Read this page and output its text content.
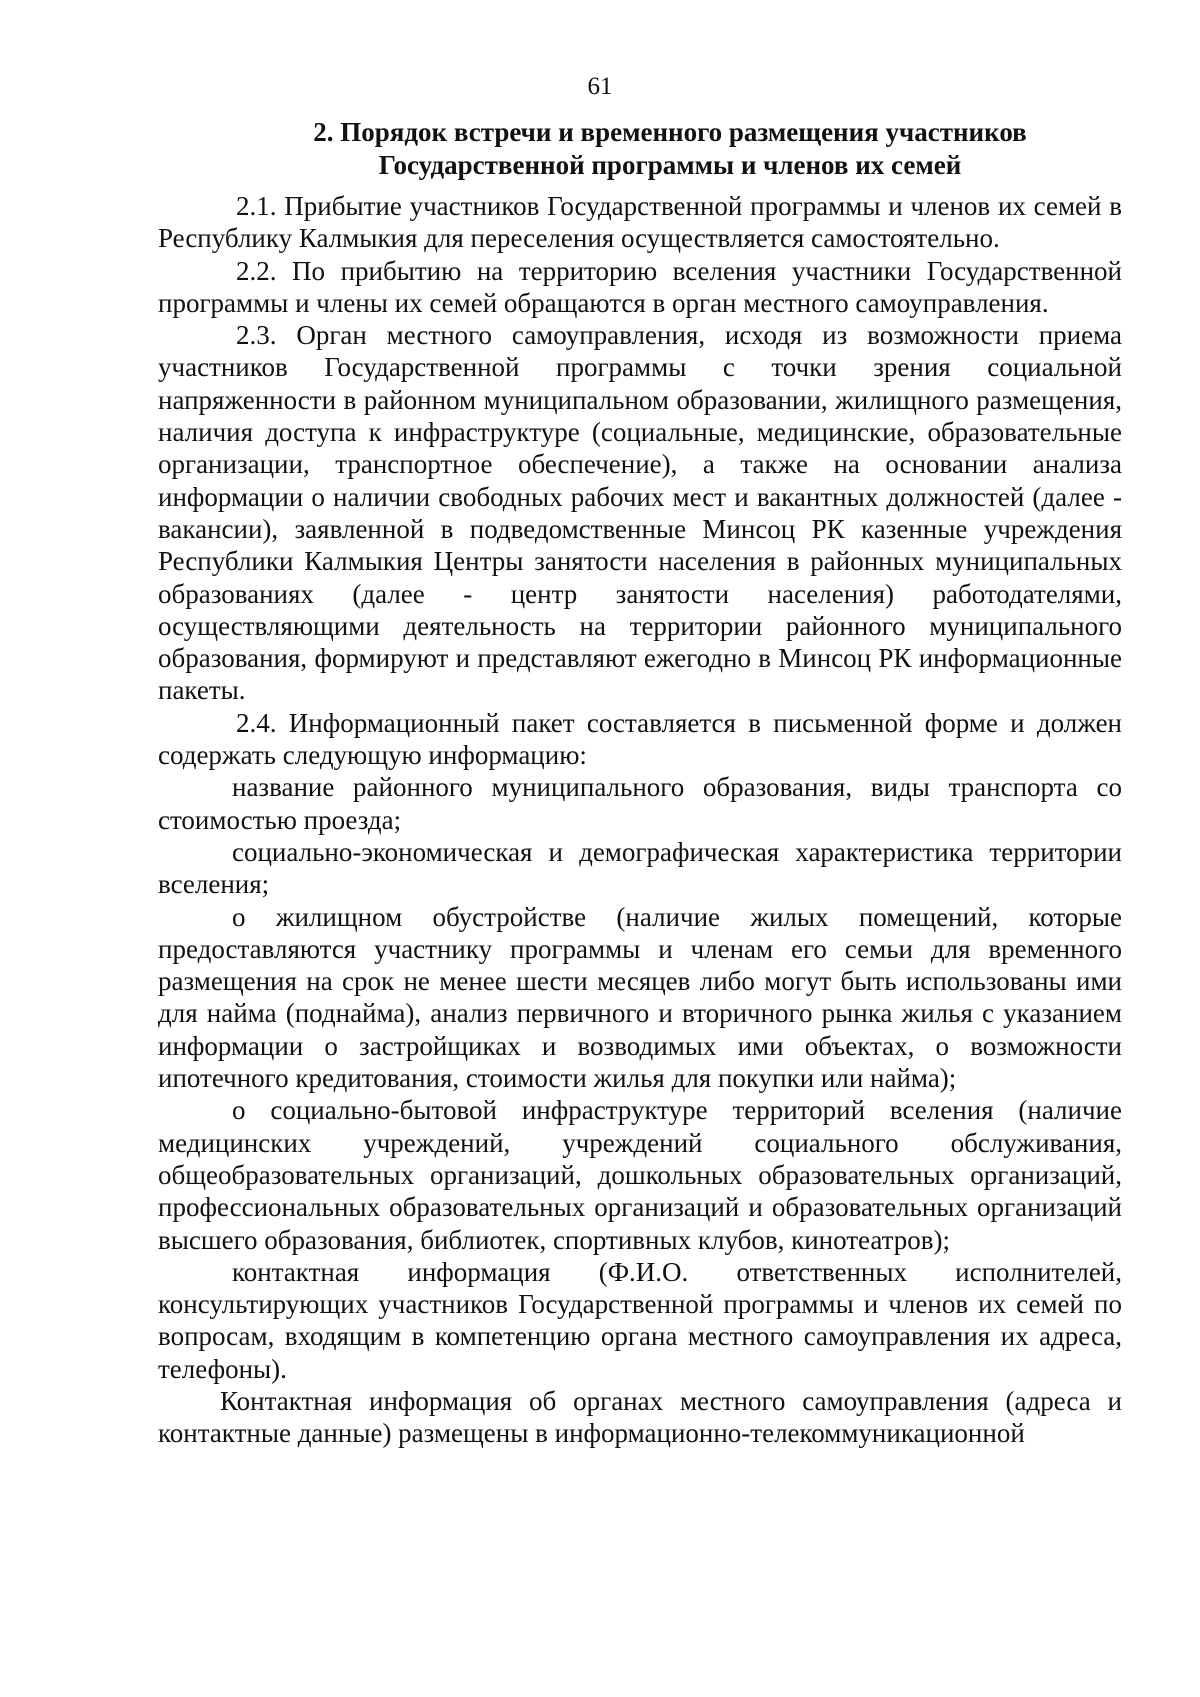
61
2. Порядок встречи и временного размещения участников
Государственной программы и членов их семей

2.1. Прибытие участников Государственной программы и членов их семей в Республику Калмыкия для переселения осуществляется самостоятельно.

2.2. По прибытию на территорию вселения участники Государственной программы и члены их семей обращаются в орган местного самоуправления.

2.3. Орган местного самоуправления, исходя из возможности приема участников Государственной программы с точки зрения социальной напряженности в районном муниципальном образовании, жилищного размещения, наличия доступа к инфраструктуре (социальные, медицинские, образовательные организации, транспортное обеспечение), а также на основании анализа информации о наличии свободных рабочих мест и вакантных должностей (далее - вакансии), заявленной в подведомственные Минсоц РК казенные учреждения Республики Калмыкия Центры занятости населения в районных муниципальных образованиях (далее - центр занятости населения) работодателями, осуществляющими деятельность на территории районного муниципального образования, формируют и представляют ежегодно в Минсоц РК информационные пакеты.

2.4. Информационный пакет составляется в письменной форме и должен содержать следующую информацию:

название районного муниципального образования, виды транспорта со стоимостью проезда;

социально-экономическая и демографическая характеристика территории вселения;

о жилищном обустройстве (наличие жилых помещений, которые предоставляются участнику программы и членам его семьи для временного размещения на срок не менее шести месяцев либо могут быть использованы ими для найма (поднайма), анализ первичного и вторичного рынка жилья с указанием информации о застройщиках и возводимых ими объектах, о возможности ипотечного кредитования, стоимости жилья для покупки или найма);

о социально-бытовой инфраструктуре территорий вселения (наличие медицинских учреждений, учреждений социального обслуживания, общеобразовательных организаций, дошкольных образовательных организаций, профессиональных образовательных организаций и образовательных организаций высшего образования, библиотек, спортивных клубов, кинотеатров);

контактная информация (Ф.И.О. ответственных исполнителей, консультирующих участников Государственной программы и членов их семей по вопросам, входящим в компетенцию органа местного самоуправления их адреса, телефоны).

Контактная информация об органах местного самоуправления (адреса и контактные данные) размещены в информационно-телекоммуникационной
